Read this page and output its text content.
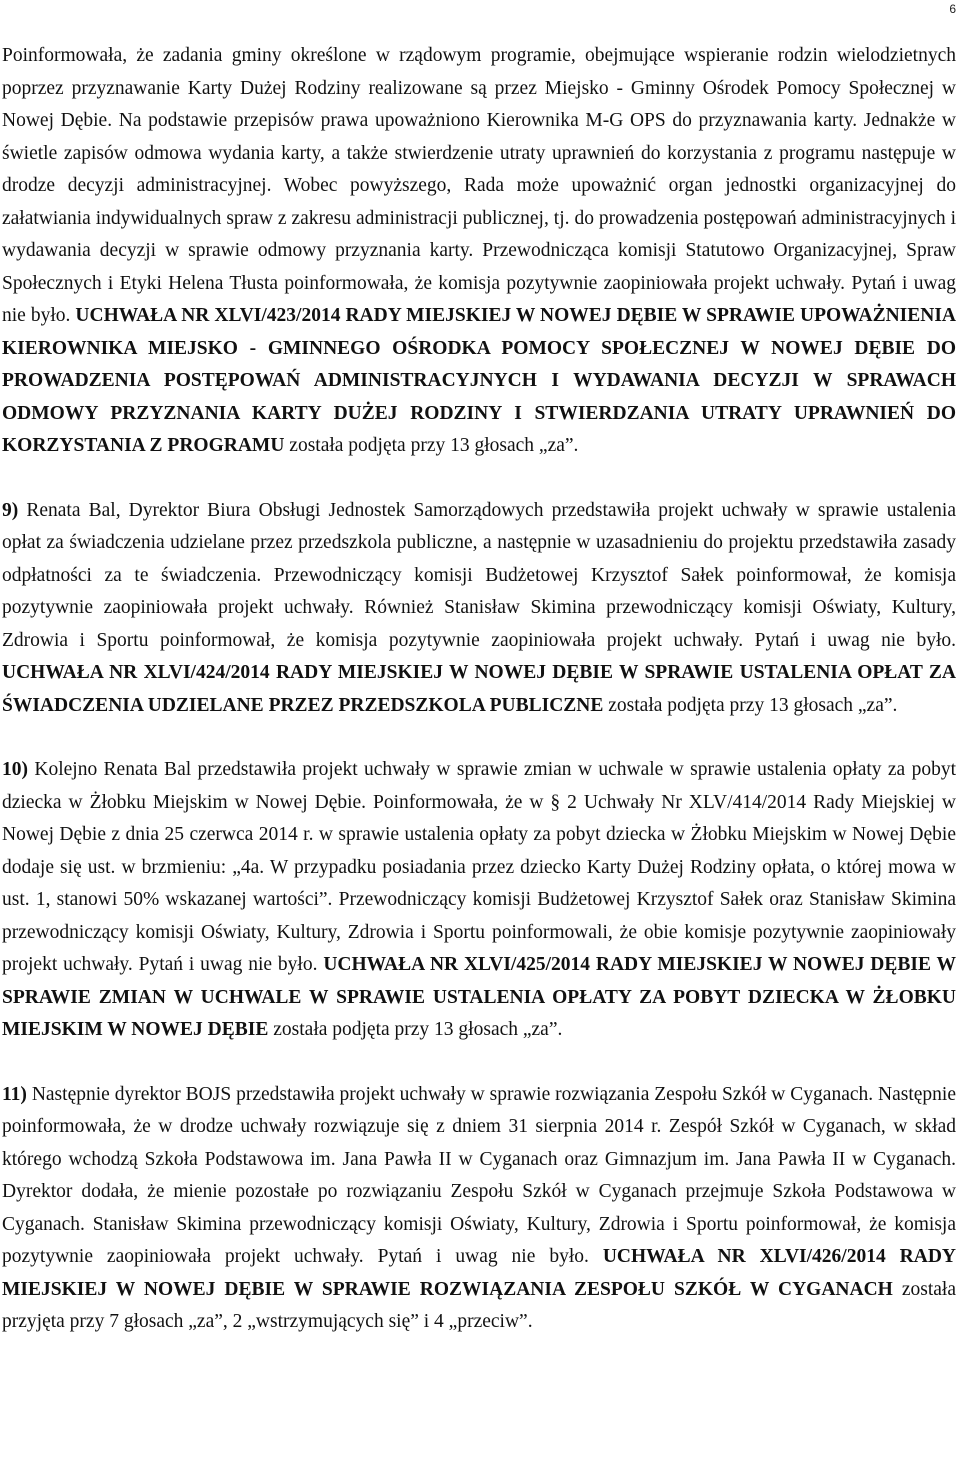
6

Poinformowała, że zadania gminy określone w rządowym programie, obejmujące wspieranie rodzin wielodzietnych poprzez przyznawanie Karty Dużej Rodziny realizowane są przez Miejsko - Gminny Ośrodek Pomocy Społecznej w Nowej Dębie. Na podstawie przepisów prawa upoważniono Kierownika M-G OPS do przyznawania karty. Jednakże w świetle zapisów odmowa wydania karty, a także stwierdzenie utraty uprawnień do korzystania z programu następuje w drodze decyzji administracyjnej. Wobec powyższego, Rada może upoważnić organ jednostki organizacyjnej do załatwiania indywidualnych spraw z zakresu administracji publicznej, tj. do prowadzenia postępowań administracyjnych i wydawania decyzji w sprawie odmowy przyznania karty. Przewodnicząca komisji Statutowo Organizacyjnej, Spraw Społecznych i Etyki Helena Tłusta poinformowała, że komisja pozytywnie zaopiniowała projekt uchwały. Pytań i uwag nie było. UCHWAŁA NR XLVI/423/2014 RADY MIEJSKIEJ W NOWEJ DĘBIE W SPRAWIE UPOWAŻNIENIA KIEROWNIKA MIEJSKO - GMINNEGO OŚRODKA POMOCY SPOŁECZNEJ W NOWEJ DĘBIE DO PROWADZENIA POSTĘPOWAŃ ADMINISTRACYJNYCH I WYDAWANIA DECYZJI W SPRAWACH ODMOWY PRZYZNANIA KARTY DUŻEJ RODZINY I STWIERDZANIA UTRATY UPRAWNIEŃ DO KORZYSTANIA Z PROGRAMU została podjęta przy 13 głosach „za”.

9) Renata Bal, Dyrektor Biura Obsługi Jednostek Samorządowych przedstawiła projekt uchwały w sprawie ustalenia opłat za świadczenia udzielane przez przedszkola publiczne, a następnie w uzasadnieniu do projektu przedstawiła zasady odpłatności za te świadczenia. Przewodniczący komisji Budżetowej Krzysztof Sałek poinformował, że komisja pozytywnie zaopiniowała projekt uchwały. Również Stanisław Skimina przewodniczący komisji Oświaty, Kultury, Zdrowia i Sportu poinformował, że komisja pozytywnie zaopiniowała projekt uchwały. Pytań i uwag nie było. UCHWAŁA NR XLVI/424/2014 RADY MIEJSKIEJ W NOWEJ DĘBIE W SPRAWIE USTALENIA OPŁAT ZA ŚWIADCZENIA UDZIELANE PRZEZ PRZEDSZKOLA PUBLICZNE została podjęta przy 13 głosach „za”.

10) Kolejno Renata Bal przedstawiła projekt uchwały w sprawie zmian w uchwale w sprawie ustalenia opłaty za pobyt dziecka w Żłobku Miejskim w Nowej Dębie. Poinformowała, że w § 2 Uchwały Nr XLV/414/2014 Rady Miejskiej w Nowej Dębie z dnia 25 czerwca 2014 r. w sprawie ustalenia opłaty za pobyt dziecka w Żłobku Miejskim w Nowej Dębie dodaje się ust. w brzmieniu: „4a. W przypadku posiadania przez dziecko Karty Dużej Rodziny opłata, o której mowa w ust. 1, stanowi 50% wskazanej wartości”. Przewodniczący komisji Budżetowej Krzysztof Sałek oraz Stanisław Skimina przewodniczący komisji Oświaty, Kultury, Zdrowia i Sportu poinformowali, że obie komisje pozytywnie zaopiniowały projekt uchwały. Pytań i uwag nie było. UCHWAŁA NR XLVI/425/2014 RADY MIEJSKIEJ W NOWEJ DĘBIE W SPRAWIE ZMIAN W UCHWALE W SPRAWIE USTALENIA OPŁATY ZA POBYT DZIECKA W ŻŁOBKU MIEJSKIM W NOWEJ DĘBIE została podjęta przy 13 głosach „za”.

11) Następnie dyrektor BOJS przedstawiła projekt uchwały w sprawie rozwiązania Zespołu Szkół w Cyganach. Następnie poinformowała, że w drodze uchwały rozwiązuje się z dniem 31 sierpnia 2014 r. Zespół Szkół w Cyganach, w skład którego wchodzą Szkoła Podstawowa im. Jana Pawła II w Cyganach oraz Gimnazjum im. Jana Pawła II w Cyganach. Dyrektor dodała, że mienie pozostałe po rozwiązaniu Zespołu Szkół w Cyganach przejmuje Szkoła Podstawowa w Cyganach. Stanisław Skimina przewodniczący komisji Oświaty, Kultury, Zdrowia i Sportu poinformował, że komisja pozytywnie zaopiniowała projekt uchwały. Pytań i uwag nie było. UCHWAŁA NR XLVI/426/2014 RADY MIEJSKIEJ W NOWEJ DĘBIE W SPRAWIE ROZWIĄZANIA ZESPOŁU SZKÓŁ W CYGANACH została przyjęta przy 7 głosach „za”, 2 „wstrzymujących się” i 4 „przeciw”.
